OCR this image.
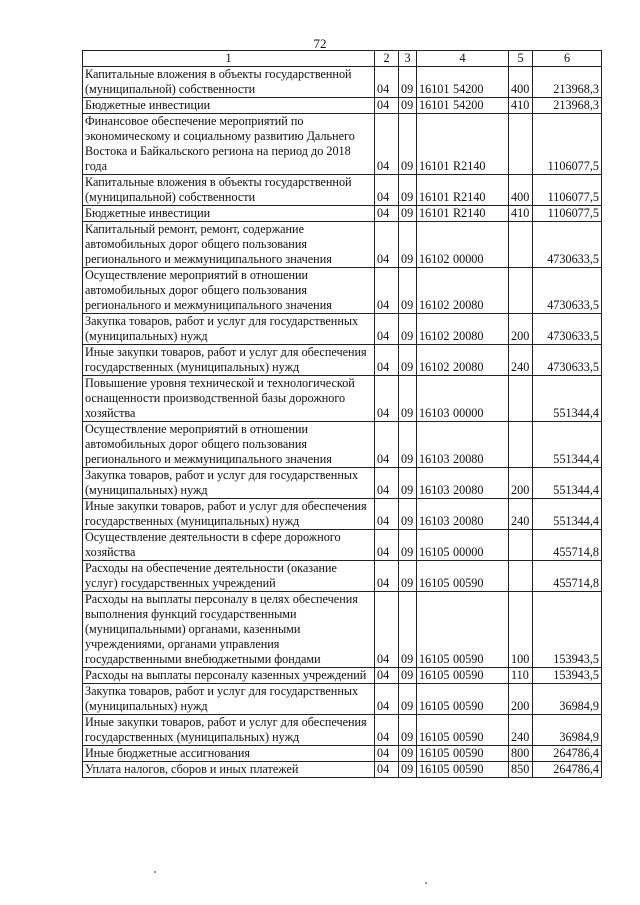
72
1	2	3	4	5	6
Капитальные вложения в объекты государственной (муниципальной) собственности	04	09	16101 54200	400	213968,3
Бюджетные инвестиции	04	09	16101 54200	410	213968,3
Финансовое обеспечение мероприятий по экономическому и социальному развитию Дальнего Востока и Байкальского региона на период до 2018 года	04	09	16101 R2140		1106077,5
Капитальные вложения в объекты государственной (муниципальной) собственности	04	09	16101 R2140	400	1106077,5
Бюджетные инвестиции	04	09	16101 R2140	410	1106077,5
Капитальный ремонт, ремонт, содержание автомобильных дорог общего пользования регионального и межмуниципального значения	04	09	16102 00000		4730633,5
Осуществление мероприятий в отношении автомобильных дорог общего пользования регионального и межмуниципального значения	04	09	16102 20080		4730633,5
Закупка товаров, работ и услуг для государственных (муниципальных) нужд	04	09	16102 20080	200	4730633,5
Иные закупки товаров, работ и услуг для обеспечения государственных (муниципальных) нужд	04	09	16102 20080	240	4730633,5
Повышение уровня технической и технологической оснащенности производственной базы дорожного хозяйства	04	09	16103 00000		551344,4
Осуществление мероприятий в отношении автомобильных дорог общего пользования регионального и межмуниципального значения	04	09	16103 20080		551344,4
Закупка товаров, работ и услуг для государственных (муниципальных) нужд	04	09	16103 20080	200	551344,4
Иные закупки товаров, работ и услуг для обеспечения государственных (муниципальных) нужд	04	09	16103 20080	240	551344,4
Осуществление деятельности в сфере дорожного хозяйства	04	09	16105 00000		455714,8
Расходы на обеспечение деятельности (оказание услуг) государственных учреждений	04	09	16105 00590		455714,8
Расходы на выплаты персоналу в целях обеспечения выполнения функций государственными (муниципальными) органами, казенными учреждениями, органами управления государственными внебюджетными фондами	04	09	16105 00590	100	153943,5
Расходы на выплаты персоналу казенных учреждений	04	09	16105 00590	110	153943,5
Закупка товаров, работ и услуг для государственных (муниципальных) нужд	04	09	16105 00590	200	36984,9
Иные закупки товаров, работ и услуг для обеспечения государственных (муниципальных) нужд	04	09	16105 00590	240	36984,9
Иные бюджетные ассигнования	04	09	16105 00590	800	264786,4
Уплата налогов, сборов и иных платежей	04	09	16105 00590	850	264786,4
